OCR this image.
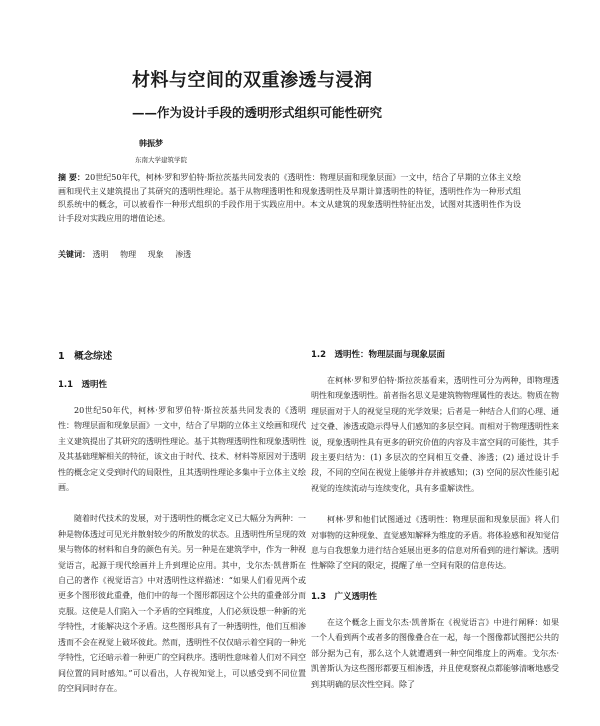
材料与空间的双重渗透与浸润
——作为设计手段的透明形式组织可能性研究
韩振梦
东南大学建筑学院
摘 要：20世纪50年代，柯林·罗和罗伯特·斯拉茨基共同发表的《透明性：物理层面和现象层面》一文中，结合了早期的立体主义绘画和现代主义建筑提出了其研究的透明性理论。基于从物理透明性和现象透明性及早期计算透明性的特征，透明性作为一种形式组织系统中的概念，可以被看作一种形式组织的手段作用于实践应用中。本文从建筑的现象透明性特征出发，试图对其透明性作为设计手段对实践应用的增值论述。
关键词： 透明 物理 现象 渗透
1　概念综述
1.1　透明性

20世纪50年代，柯林·罗和罗伯特·斯拉茨基共同发表的《透明性：物理层面和现象层面》一文中，结合了早期的立体主义绘画和现代主义建筑提出了其研究的透明性理论。基于其物理透明性和现象透明性及其基础理解相关的特征，该文由于时代、技术、材料等原因对于透明性的概念定义受到时代的局限性，且其透明性理论多集中于立体主义绘画。

随着时代技术的发展，对于透明性的概念定义已大幅分为两种：一种是物体透过可见光并散射较少的所散发的状态。且透明性所呈现的效果与物体的材料和自身的颜色有关。另一种是在建筑学中，作为一种视觉语言，起源于现代绘画并上升到理论应用。其中，戈尔杰·凯普斯在自己的著作《视觉语言》中对透明性这样描述：“如果人们看见两个或更多个图形彼此重叠，他们中的每一个图形都因这个公共的重叠部分而克服。这使是人们陷入一个矛盾的空间维度，人们必须设想一种新的光学特性，才能解决这个矛盾。这些图形具有了一种透明性，他们互相渗透而不会在视觉上破坏彼此。然而，透明性不仅仅暗示着空间的一种光学特性，它还暗示着一种更广的空间秩序。透明性意味着人们对不同空间位置的同时感知。”可以看出，人存视知觉上，可以感受到不同位置的空间同时存在。

1.2　透明性：物理层面与现象层面

在柯林·罗和罗伯特·斯拉茨基看来，透明性可分为两种，即物理透明性和现象透明性。前者指名思义是建筑物物理属性的表达。物质在物理层面对于人的视觉呈现的光学效果；后者是一种结合人们的心理、通过交叠、渗透或隐示得导人们感知的多层空间。而相对于物理透明性来说，现象透明性具有更多的研究价值的内容及丰富空间的可能性，其手段主要归结为：(1) 多层次的空间相互交叠、渗透；(2) 通过设计手段，不同的空间在视觉上能够并存并被感知；(3) 空间的层次性能引起视觉的连续流动与连续变化，具有多重解读性。

柯林·罗和他们试图通过《透明性：物理层面和现象层面》将人们对事物的这种现象、直觉感知解释为维度的矛盾。将体验感和视知觉信息与自我想象力进行结合延展出更多的信息对所看到的进行解读。透明性解除了空间的限定，提醒了单一空间有限的信息传达。

1.3　广义透明性

在这个概念上面戈尔杰·凯普斯在《视觉语言》中进行阐释：如果一个人看到两个或者多的图像叠合在一起，每一个图像都试图把公共的部分据为己有，那么这个人就遭遇到一种空间维度上的两难。戈尔杰·凯普斯认为这些图形都要互相渗透，并且使观察视点都能够清晰地感受到其明确的层次性空间。除了
